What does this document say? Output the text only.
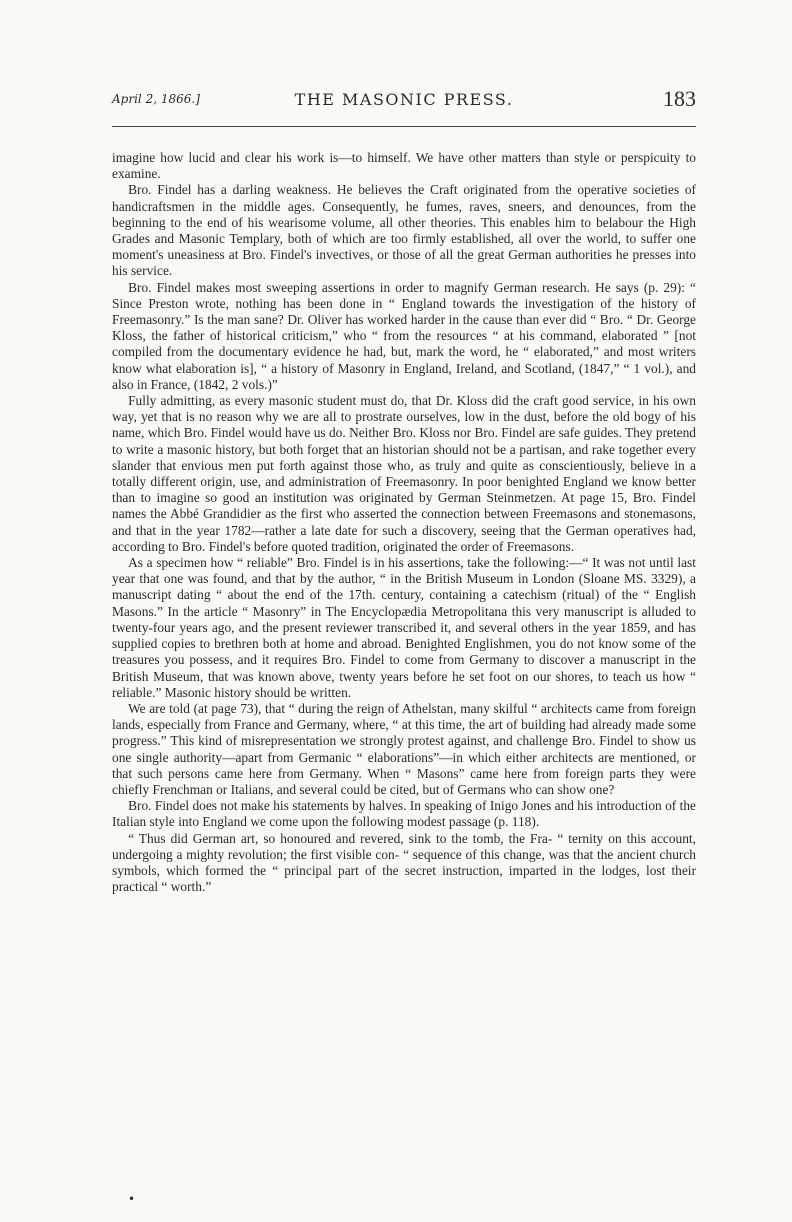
April 2, 1866.]	THE MASONIC PRESS.	183

imagine how lucid and clear his work is—to himself. We have other matters than style or perspicuity to examine.

Bro. Findel has a darling weakness. He believes the Craft originated from the operative societies of handicraftsmen in the middle ages. Consequently, he fumes, raves, sneers, and denounces, from the beginning to the end of his wearisome volume, all other theories. This enables him to belabour the High Grades and Masonic Templary, both of which are too firmly established, all over the world, to suffer one moment's uneasiness at Bro. Findel's invectives, or those of all the great German authorities he presses into his service.

Bro. Findel makes most sweeping assertions in order to magnify German research. He says (p. 29): “ Since Preston wrote, nothing has been done in “ England towards the investigation of the history of Freemasonry.” Is the man sane? Dr. Oliver has worked harder in the cause than ever did “ Bro. “ Dr. George Kloss, the father of historical criticism,” who “ from the resources “ at his command, elaborated ” [not compiled from the documentary evidence he had, but, mark the word, he “ elaborated,” and most writers know what elaboration is], “ a history of Masonry in England, Ireland, and Scotland, (1847,” “ 1 vol.), and also in France, (1842, 2 vols.)”

Fully admitting, as every masonic student must do, that Dr. Kloss did the craft good service, in his own way, yet that is no reason why we are all to prostrate ourselves, low in the dust, before the old bogy of his name, which Bro. Findel would have us do. Neither Bro. Kloss nor Bro. Findel are safe guides. They pretend to write a masonic history, but both forget that an historian should not be a partisan, and rake together every slander that envious men put forth against those who, as truly and quite as conscientiously, believe in a totally different origin, use, and administration of Freemasonry. In poor benighted England we know better than to imagine so good an institution was originated by German Steinmetzen. At page 15, Bro. Findel names the Abbé Grandidier as the first who asserted the connection between Freemasons and stonemasons, and that in the year 1782—rather a late date for such a discovery, seeing that the German operatives had, according to Bro. Findel's before quoted tradition, originated the order of Freemasons.

As a specimen how “ reliable” Bro. Findel is in his assertions, take the following:—“ It was not until last year that one was found, and that by the author, “ in the British Museum in London (Sloane MS. 3329), a manuscript dating “ about the end of the 17th. century, containing a catechism (ritual) of the “ English Masons.” In the article “ Masonry” in The Encyclopædia Metropolitana this very manuscript is alluded to twenty-four years ago, and the present reviewer transcribed it, and several others in the year 1859, and has supplied copies to brethren both at home and abroad. Benighted Englishmen, you do not know some of the treasures you possess, and it requires Bro. Findel to come from Germany to discover a manuscript in the British Museum, that was known above, twenty years before he set foot on our shores, to teach us how “ reliable.” Masonic history should be written.

We are told (at page 73), that “ during the reign of Athelstan, many skilful “ architects came from foreign lands, especially from France and Germany, where, “ at this time, the art of building had already made some progress.” This kind of misrepresentation we strongly protest against, and challenge Bro. Findel to show us one single authority—apart from Germanic “ elaborations”—in which either architects are mentioned, or that such persons came here from Germany. When “ Masons” came here from foreign parts they were chiefly Frenchman or Italians, and several could be cited, but of Germans who can show one?

Bro. Findel does not make his statements by halves. In speaking of Inigo Jones and his introduction of the Italian style into England we come upon the following modest passage (p. 118).

“ Thus did German art, so honoured and revered, sink to the tomb, the Fra- “ ternity on this account, undergoing a mighty revolution; the first visible con- “ sequence of this change, was that the ancient church symbols, which formed the “ principal part of the secret instruction, imparted in the lodges, lost their practical “ worth.”

•
